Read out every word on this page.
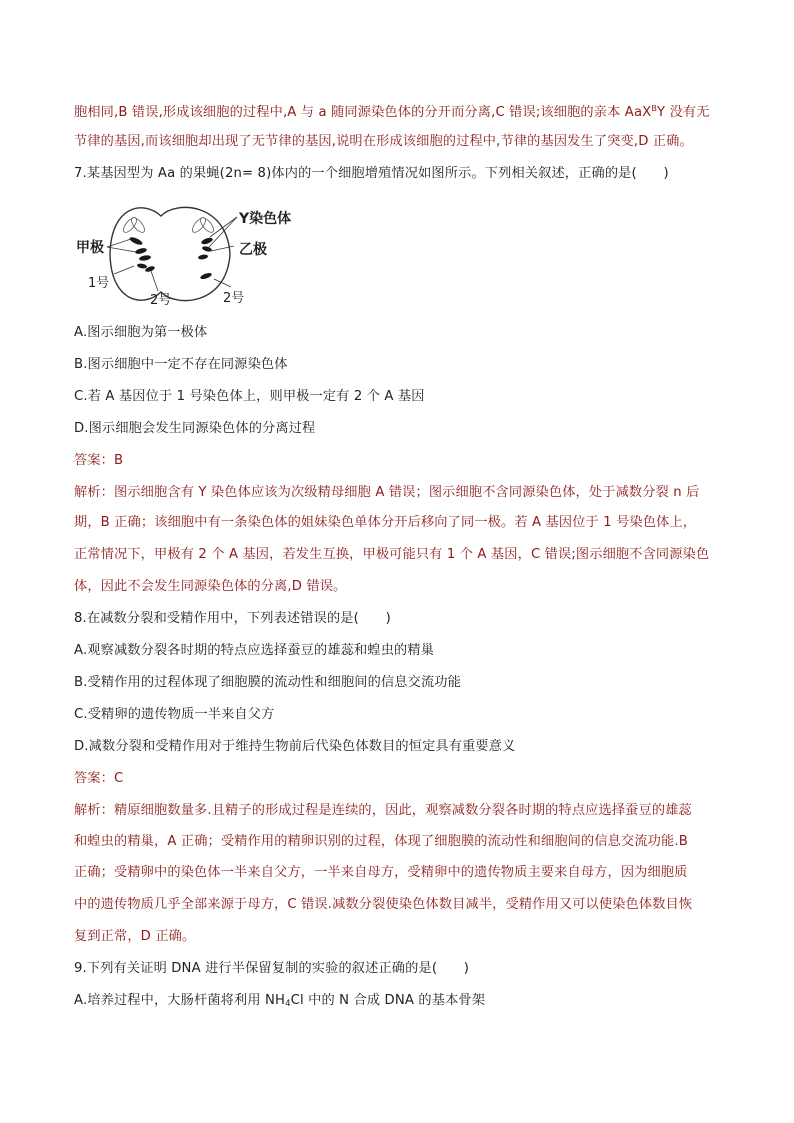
胞相同,B 错误,形成该细胞的过程中,A 与 a 随同源染色体的分开而分离,C 错误;该细胞的亲本 AaX$^B$Y 没有无
节律的基因,而该细胞却出现了无节律的基因,说明在形成该细胞的过程中,节律的基因发生了突变,D 正确。
7.某基因型为 Aa 的果蝇(2n= 8)体内的一个细胞增殖情况如图所示。下列相关叙述，正确的是(　　)
甲极
Y染色体
乙极
1号
2号	2号
A.图示细胞为第一极体
B.图示细胞中一定不存在同源染色体
C.若 A 基因位于 1 号染色体上，则甲极一定有 2 个 A 基因
D.图示细胞会发生同源染色体的分离过程
答案：B
解析：图示细胞含有 Y 染色体应该为次级精母细胞 A 错误；图示细胞不含同源染色体，处于减数分裂 n 后
期，B 正确；该细胞中有一条染色体的姐妹染色单体分开后移向了同一极。若 A 基因位于 1 号染色体上，
正常情况下，甲极有 2 个 A 基因，若发生互换，甲极可能只有 1 个 A 基因，C 错误;图示细胞不含同源染色
体，因此不会发生同源染色体的分离,D 错误。
8.在减数分裂和受精作用中，下列表述错误的是(　　)
A.观察减数分裂各时期的特点应选择蚕豆的雄蕊和蝗虫的精巢
B.受精作用的过程体现了细胞膜的流动性和细胞间的信息交流功能
C.受精卵的遗传物质一半来自父方
D.减数分裂和受精作用对于维持生物前后代染色体数目的恒定具有重要意义
答案：C
解析：精原细胞数量多.且精子的形成过程是连续的，因此，观察减数分裂各时期的特点应选择蚕豆的雄蕊
和蝗虫的精巢，A 正确；受精作用的精卵识别的过程，体现了细胞膜的流动性和细胞间的信息交流功能.B
正确；受精卵中的染色体一半来自父方，一半来自母方，受精卵中的遗传物质主要来自母方，因为细胞质
中的遗传物质几乎全部来源于母方，C 错误.减数分裂使染色体数目减半，受精作用又可以使染色体数目恢
复到正常，D 正确。
9.下列有关证明 DNA 进行半保留复制的实验的叙述正确的是(　　)
A.培养过程中，大肠杆菌将利用 $NH_4Cl$ 中的 N 合成 DNA 的基本骨架
